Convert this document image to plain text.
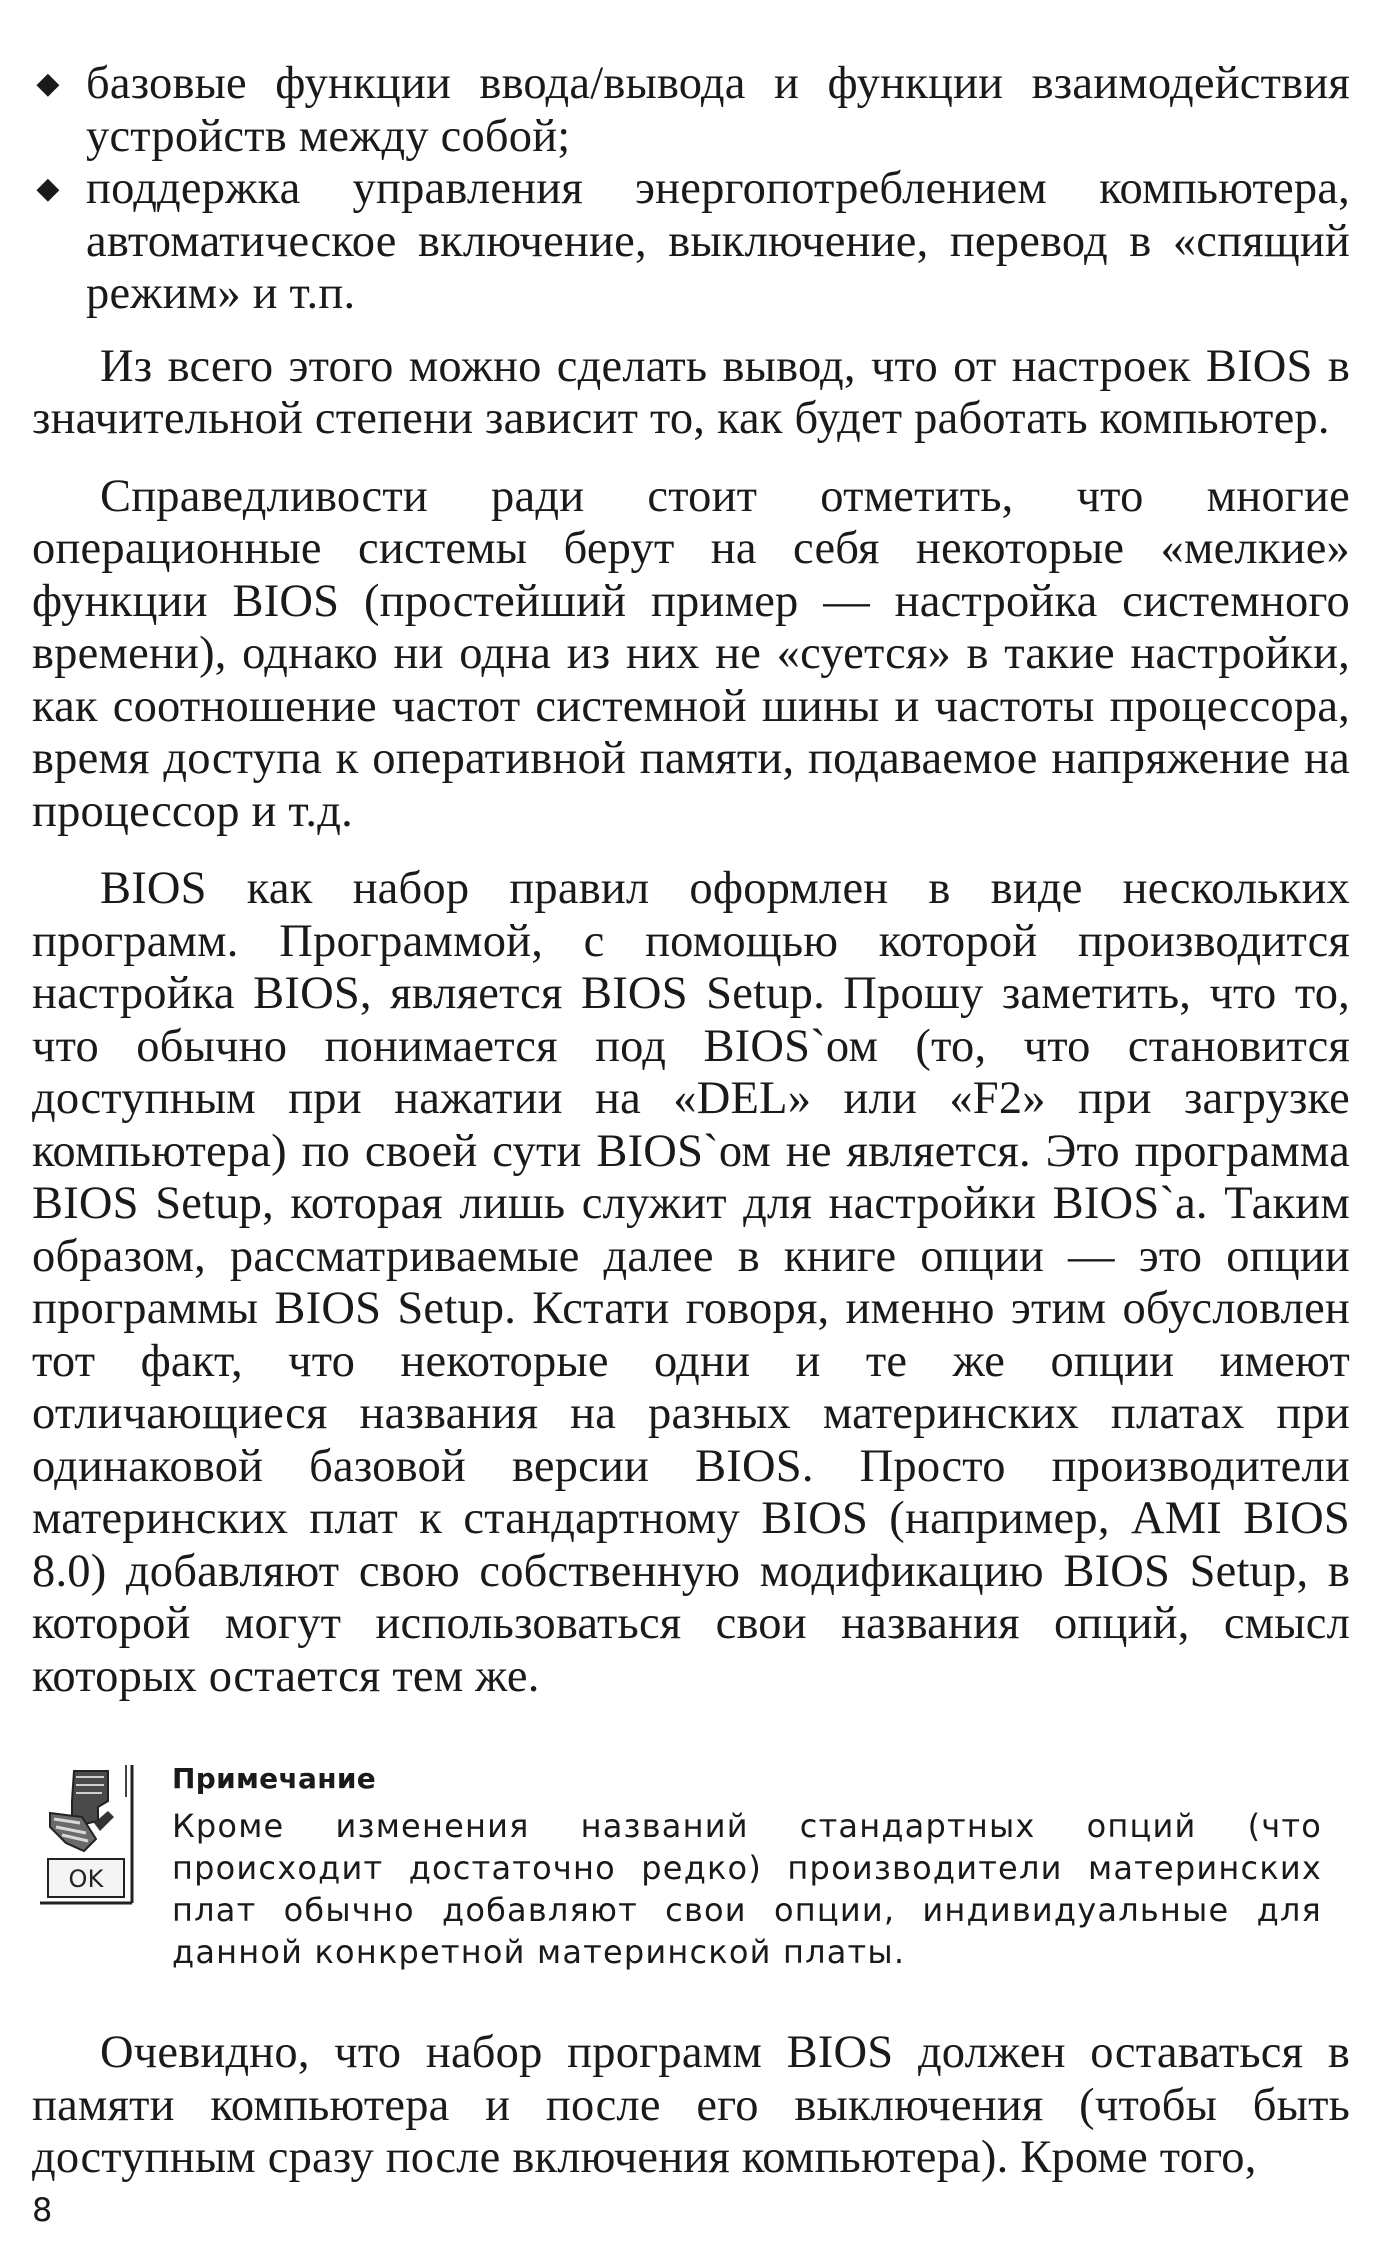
◆ базовые функции ввода/вывода и функции взаимодействия устройств между собой;
◆ поддержка управления энергопотреблением компьютера, автоматическое включение, выключение, перевод в «спящий режим» и т.п.

Из всего этого можно сделать вывод, что от настроек BIOS в значительной степени зависит то, как будет работать компьютер.

Справедливости ради стоит отметить, что многие операционные системы берут на себя некоторые «мелкие» функции BIOS (простейший пример — настройка системного времени), однако ни одна из них не «суется» в такие настройки, как соотношение частот системной шины и частоты процессора, время доступа к оперативной памяти, подаваемое напряжение на процессор и т.д.

BIOS как набор правил оформлен в виде нескольких программ. Программой, с помощью которой производится настройка BIOS, является BIOS Setup. Прошу заметить, что то, что обычно понимается под BIOS`ом (то, что становится доступным при нажатии на «DEL» или «F2» при загрузке компьютера) по своей сути BIOS`ом не является. Это программа BIOS Setup, которая лишь служит для настройки BIOS`а. Таким образом, рассматриваемые далее в книге опции — это опции программы BIOS Setup. Кстати говоря, именно этим обусловлен тот факт, что некоторые одни и те же опции имеют отличающиеся названия на разных материнских платах при одинаковой базовой версии BIOS. Просто производители материнских плат к стандартному BIOS (например, AMI BIOS 8.0) добавляют свою собственную модификацию BIOS Setup, в которой могут использоваться свои названия опций, смысл которых остается тем же.

OK
Примечание

Кроме изменения названий стандартных опций (что происходит достаточно редко) производители материнских плат обычно добавляют свои опции, индивидуальные для данной конкретной материнской платы.

Очевидно, что набор программ BIOS должен оставаться в памяти компьютера и после его выключения (чтобы быть доступным сразу после включения компьютера). Кроме того,

8
